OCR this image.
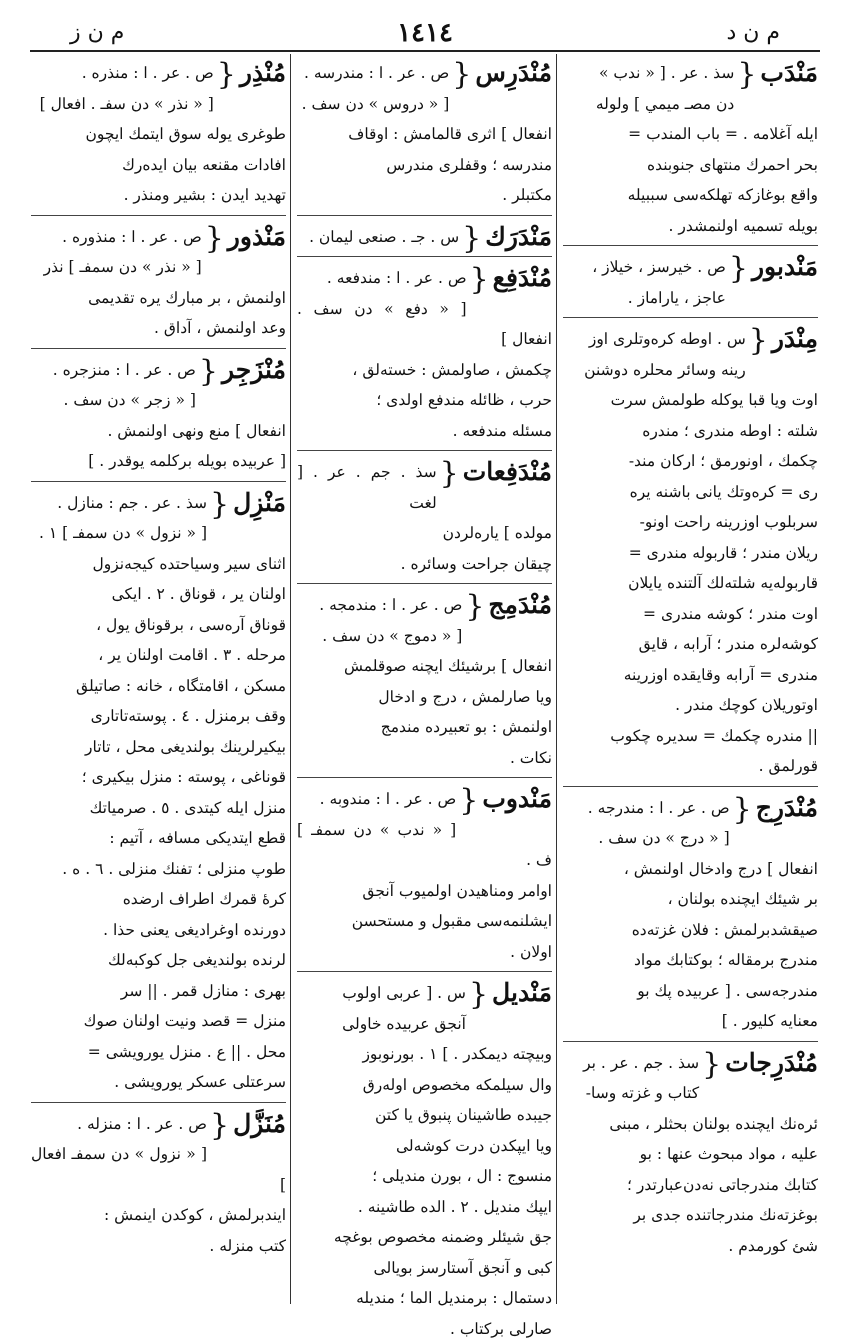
م ن د
١٤١٤
م ن ز
مَنْدَب
{
سذ . عر . [ « ندب »
دن مصـ ميمي ] ولوله
ايله آغلامه . = باب المندب =
بحر احمرك منتهاى جنوبنده
واقع بوغازكه تهلكه‌سى سببيله
بويله تسميه اولنمشدر .
مَنْدبور
{
ص . خيرسز ، خيلاز ،
عاجز ، ياراماز .
مِنْدَر
{
س . اوطه كره‌وتلرى اوز
رينه وسائر محلره دوشنن
اوت ويا قبا يوكله طولمش سرت
شلته : اوطه مندرى ؛ مندره
چكمك ، اونورمق ؛ اركان مند-
رى = كره‌وتك يانى باشنه يره
سربلوب اوزرينه راحت اونو-
ريلان مندر ؛ قاربوله مندرى =
قاربولەيه شلته‌لك آلتنده يايلان
اوت مندر ؛ كوشه مندرى =
كوشه‌لره مندر ؛ آرابه ، قايق
مندرى = آرابه وقايقده اوزرينه
اوتوريلان كوچك مندر .
|| مندره چكمك = سديره چكوب
قورلمق .
مُنْدَرِج
{
ص . عر . ا : مندرجه .
[ « درج » دن سف .
انفعال ] درج وادخال اولنمش ،
بر شيئك ايچنده بولنان ،
صيقشدبرلمش : فلان غزته‌ده
مندرج برمقاله ؛ بوكتابك مواد
مندرجه‌سى . [ عربيده پك بو
معنايه كليور . ]
مُنْدَرِجات
{
سذ . جم . عر . بر
كتاب و غزته وسا-
ئره‌نك ايچنده بولنان بحثلر ، مبنى
عليه ، مواد مبحوث عنها : بو
كتابك مندرجاتى نه‌دن‌عبارتدر ؛
بوغزته‌نك مندرجاتنده جدى بر
شئ كورمدم .
مُنْدَرِس
{
ص . عر . ا : مندرسه .
[ « دروس » دن سف .
انفعال ] اثرى قالمامش : اوقاف
مندرسه ؛ وقفلرى مندرس
مكتبلر .
مَنْدَرَك
{
س . جـ . صنعى ليمان .
مُنْدَفِع
{
ص . عر . ا : مندفعه .
[ « دفع » دن سف . انفعال ]
چكمش ، صاولمش : خسته‌لق ،
حرب ، ظائله مندفع اولدى ؛
مسئله مندفعه .
مُنْدَفِعات
{
سذ . جم . عر . [ لغت
مولده ] ياره‌لردن
چيقان جراحت وسائره .
مُنْدَمِج
{
ص . عر . ا : مندمجه .
[ « دموج » دن سف .
انفعال ] برشيئك ايچنه صوقلمش
ويا صارلمش ، درج و ادخال
اولنمش : بو تعبيرده مندمج
نكات .
مَنْدوب
{
ص . عر . ا : مندوبه .
[ « ندب » دن سمفـ ] ف .
اوامر ومناهيدن اولميوب آنجق
ايشلنمه‌سى مقبول و مستحسن
اولان .
مَنْديل
{
س . [ عربى اولوب
آنجق عربيده خاولى
وبيچته ديمكدر . ] ١ . بورنوبوز
وال سيلمكه مخصوص اوله‌رق
جيبده طاشينان پنبوق يا كتن
ويا ايپكدن درت كوشه‌لى
منسوج : ال ، بورن منديلى ؛
ايپك منديل . ٢ . الده طاشينه .
جق شيئلر وضمنه مخصوص بوغچه
كبى و آنجق آستارسز بويالى
دستمال : برمنديل الما ؛ منديله
صارلى بركتاب .
مُنْذِر
{
ص . عر . ا : منذره .
[ « نذر » دن سفـ . افعال ]
طوغرى يوله سوق ايتمك ايچون
افادات مقنعه بيان ايده‌رك
تهديد ايدن : بشير ومنذر .
مَنْذور
{
ص . عر . ا : منذوره .
[ « نذر » دن سمفـ ] نذر
اولنمش ، بر مبارك يره تقديمى
وعد اولنمش ، آداق .
مُنْزَجِر
{
ص . عر . ا : منزجره .
[ « زجر » دن سف .
انفعال ] منع ونهى اولنمش .
[ عربيده بويله بركلمه يوقدر . ]
مَنْزِل
{
سذ . عر . جم : منازل .
[ « نزول » دن سمفـ ] ١ .
اثناى سير وسياحتده كيجه‌نزول
اولنان ير ، قوناق . ٢ . ايكى
قوناق آره‌سى ، برقوناق يول ،
مرحله . ٣ . اقامت اولنان ير ،
مسكن ، اقامتگاه ، خانه : صاتيلق
وقف برمنزل . ٤ . پوسته‌تاتارى
بيكيرلرينك بولنديغى محل ، تاتار
قوناغى ، پوسته : منزل بيكيرى ؛
منزل ايله كيتدى . ٥ . صرمياتك
قطع ايتديكى مسافه ، آتيم :
طوپ منزلى ؛ تفنك منزلى . ٦ . ه .
كرهٔ قمرك اطراف ارضده
دورنده اوغراديغى يعنى حذا .
لرنده بولنديغى جل كوكبه‌لك
بهرى : منازل قمر . || سر
منزل = قصد ونيت اولنان صوك
محل . || ع . منزل يورويشى =
سرعتلى عسكر يورويشى .
مُنَزَّل
{
ص . عر . ا : منزله .
[ « نزول » دن سمفـ افعال ]
ايندبرلمش ، كوكدن اينمش :
كتب منزله .
